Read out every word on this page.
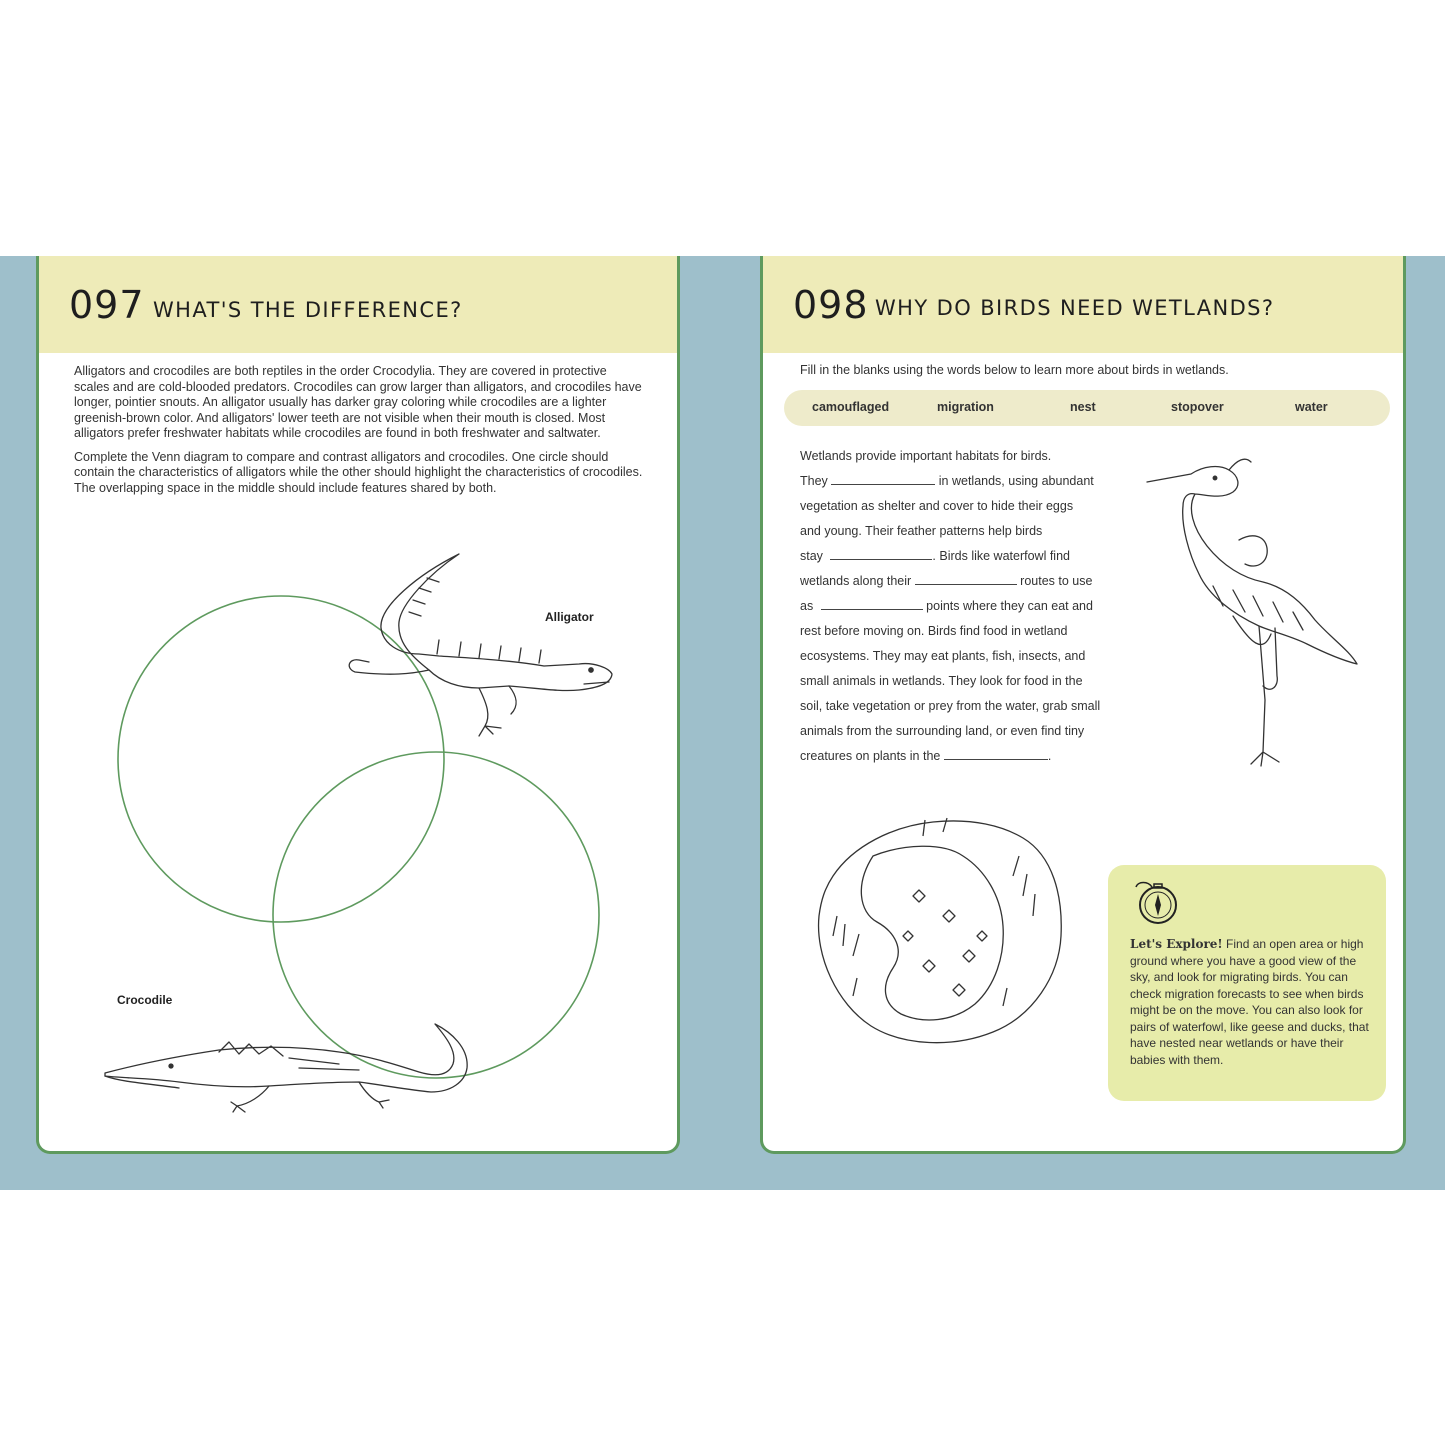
097 WHAT'S THE DIFFERENCE?

Alligators and crocodiles are both reptiles in the order Crocodylia. They are covered in protective scales and are cold-blooded predators. Crocodiles can grow larger than alligators, and crocodiles have longer, pointier snouts. An alligator usually has darker gray coloring while crocodiles are a lighter greenish-brown color. And alligators' lower teeth are not visible when their mouth is closed. Most alligators prefer freshwater habitats while crocodiles are found in both freshwater and saltwater.

Complete the Venn diagram to compare and contrast alligators and crocodiles. One circle should contain the characteristics of alligators while the other should highlight the characteristics of crocodiles. The overlapping space in the middle should include features shared by both.

Alligator
Crocodile
098 WHY DO BIRDS NEED WETLANDS?
Fill in the blanks using the words below to learn more about birds in wetlands.
camouflaged	migration	nest	stopover	water
Wetlands provide important habitats for birds.
They	in wetlands, using abundant
vegetation as shelter and cover to hide their eggs
and young. Their feather patterns help birds
stay	. Birds like waterfowl find
wetlands along their	routes to use
as	points where they can eat and
rest before moving on. Birds find food in wetland
ecosystems. They may eat plants, fish, insects, and
small animals in wetlands. They look for food in the
soil, take vegetation or prey from the water, grab small
animals from the surrounding land, or even find tiny
creatures on plants in the	.
Let's Explore! Find an open area or high ground where you have a good view of the sky, and look for migrating birds. You can check migration forecasts to see when birds might be on the move. You can also look for pairs of waterfowl, like geese and ducks, that have nested near wetlands or have their babies with them.
